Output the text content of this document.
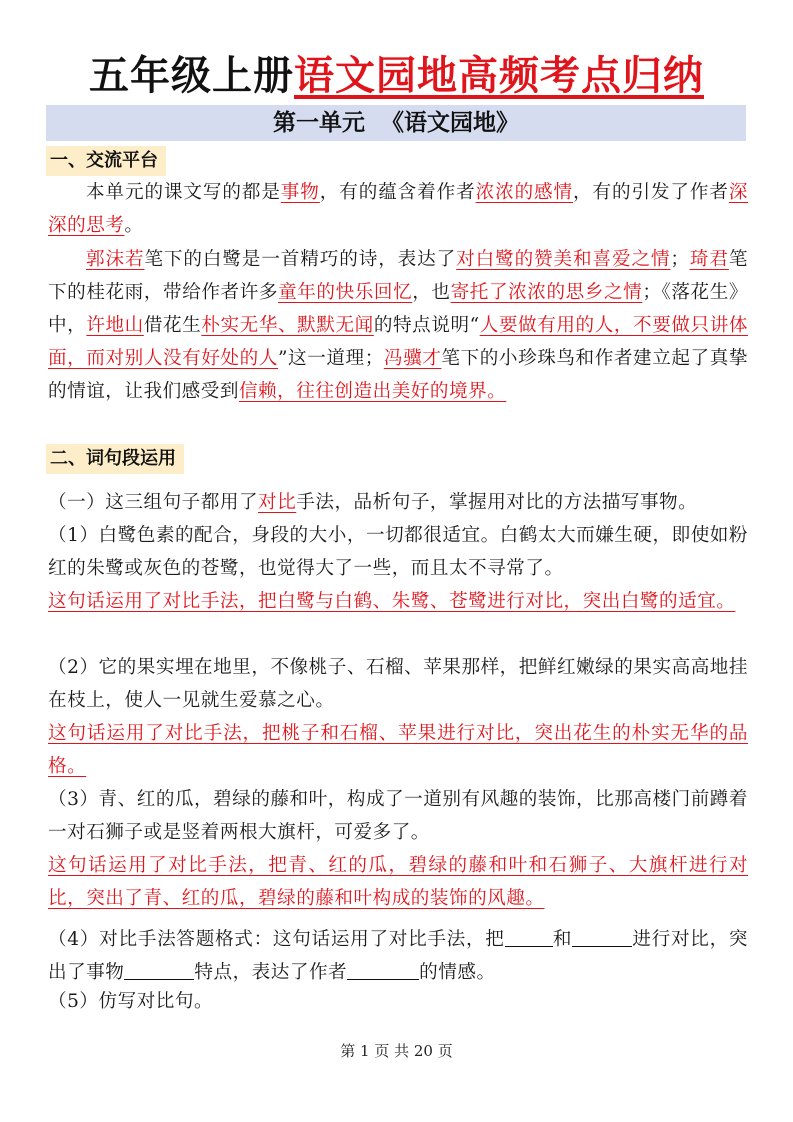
五年级上册语文园地高频考点归纳
第一单元  《语文园地》
一、交流平台
本单元的课文写的都是事物，有的蕴含着作者浓浓的感情，有的引发了作者深深的思考。
郭沫若笔下的白鹭是一首精巧的诗，表达了对白鹭的赞美和喜爱之情；琦君笔下的桂花雨，带给作者许多童年的快乐回忆，也寄托了浓浓的思乡之情；《落花生》中，许地山借花生朴实无华、默默无闻的特点说明“人要做有用的人，不要做只讲体面，而对别人没有好处的人”这一道理；冯骥才笔下的小珍珠鸟和作者建立起了真挚的情谊，让我们感受到信赖，往往创造出美好的境界。
二、词句段运用
（一）这三组句子都用了对比手法，品析句子，掌握用对比的方法描写事物。
（1）白鹭色素的配合，身段的大小，一切都很适宜。白鹤太大而嫌生硬，即使如粉红的朱鹭或灰色的苍鹭，也觉得大了一些，而且太不寻常了。
这句话运用了对比手法，把白鹭与白鹤、朱鹭、苍鹭进行对比，突出白鹭的适宜。
（2）它的果实埋在地里，不像桃子、石榴、苹果那样，把鲜红嫩绿的果实高高地挂在枝上，使人一见就生爱慕之心。
这句话运用了对比手法，把桃子和石榴、苹果进行对比，突出花生的朴实无华的品格。
（3）青、红的瓜，碧绿的藤和叶，构成了一道别有风趣的装饰，比那高楼门前蹲着一对石狮子或是竖着两根大旗杆，可爱多了。
这句话运用了对比手法，把青、红的瓜，碧绿的藤和叶和石狮子、大旗杆进行对比，突出了青、红的瓜，碧绿的藤和叶构成的装饰的风趣。
（4）对比手法答题格式：这句话运用了对比手法，把	和	进行对比，突出了事物	特点，表达了作者	的情感。
（5）仿写对比句。
第 1 页 共 20 页
